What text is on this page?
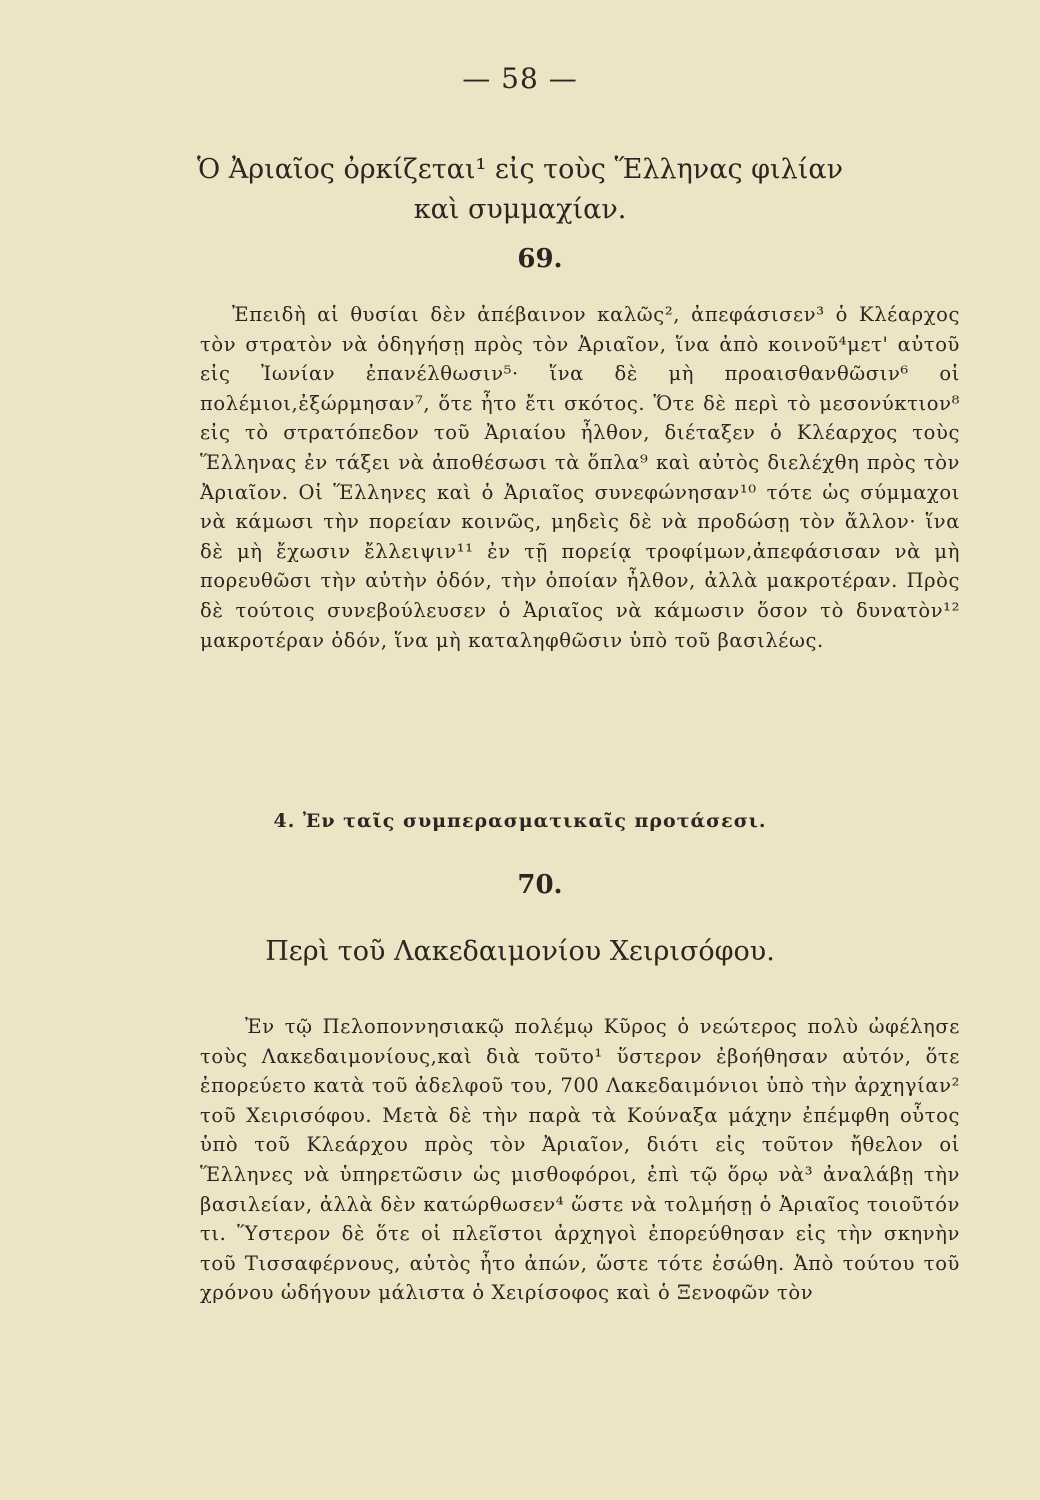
— 58 —
Ὁ Ἀριαῖος ὀρκίζεται¹ εἰς τοὺς Ἕλληνας φιλίαν
καὶ συμμαχίαν.
69.
Ἐπειδὴ αἱ θυσίαι δὲν ἀπέβαινον καλῶς², ἀπεφάσισεν³ ὁ Κλέαρχος τὸν στρατὸν νὰ ὁδηγήσῃ πρὸς τὸν Ἀριαῖον, ἵνα ἀπὸ κοινοῦ⁴μετ' αὐτοῦ εἰς Ἰωνίαν ἐπανέλθωσιν⁵· ἵνα δὲ μὴ προαισθανθῶσιν⁶ οἱ πολέμιοι,ἐξώρμησαν⁷, ὅτε ἦτο ἔτι σκότος. Ὅτε δὲ περὶ τὸ μεσονύκτιον⁸ εἰς τὸ στρατόπεδον τοῦ Ἀριαίου ἦλθον, διέταξεν ὁ Κλέαρχος τοὺς Ἕλληνας ἐν τάξει νὰ ἀποθέσωσι τὰ ὅπλα⁹ καὶ αὐτὸς διελέχθη πρὸς τὸν Ἀριαῖον. Οἱ Ἕλληνες καὶ ὁ Ἀριαῖος συνεφώνησαν¹⁰ τότε ὡς σύμμαχοι νὰ κάμωσι τὴν πορείαν κοινῶς, μηδεὶς δὲ νὰ προδώσῃ τὸν ἄλλον· ἵνα δὲ μὴ ἔχωσιν ἔλλειψιν¹¹ ἐν τῇ πορείᾳ τροφίμων,ἀπεφάσισαν νὰ μὴ πορευθῶσι τὴν αὐτὴν ὁδόν, τὴν ὁποίαν ἦλθον, ἀλλὰ μακροτέραν. Πρὸς δὲ τούτοις συνεβούλευσεν ὁ Ἀριαῖος νὰ κάμωσιν ὅσον τὸ δυνατὸν¹² μακροτέραν ὁδόν, ἵνα μὴ καταληφθῶσιν ὑπὸ τοῦ βασιλέως.
4. Ἐν ταῖς συμπερασματικαῖς προτάσεσι.
70.
Περὶ τοῦ Λακεδαιμονίου Χειρισόφου.
Ἐν τῷ Πελοποννησιακῷ πολέμῳ Κῦρος ὁ νεώτερος πολὺ ὠφέλησε τοὺς Λακεδαιμονίους,καὶ διὰ τοῦτο¹ ὕστερον ἐβοήθησαν αὐτόν, ὅτε ἐπορεύετο κατὰ τοῦ ἀδελφοῦ του, 700 Λακεδαιμόνιοι ὑπὸ τὴν ἀρχηγίαν² τοῦ Χειρισόφου. Μετὰ δὲ τὴν παρὰ τὰ Κούναξα μάχην ἐπέμφθη οὗτος ὑπὸ τοῦ Κλεάρχου πρὸς τὸν Ἀριαῖον, διότι εἰς τοῦτον ἤθελον οἱ Ἕλληνες νὰ ὑπηρετῶσιν ὡς μισθοφόροι, ἐπὶ τῷ ὅρῳ νὰ³ ἀναλάβῃ τὴν βασιλείαν, ἀλλὰ δὲν κατώρθωσεν⁴ ὥστε νὰ τολμήσῃ ὁ Ἀριαῖος τοιοῦτόν τι. Ὕστερον δὲ ὅτε οἱ πλεῖστοι ἀρχηγοὶ ἐπορεύθησαν εἰς τὴν σκηνὴν τοῦ Τισσαφέρνους, αὐτὸς ἦτο ἀπών, ὥστε τότε ἐσώθη. Ἀπὸ τούτου τοῦ χρόνου ὡδήγουν μάλιστα ὁ Χειρίσοφος καὶ ὁ Ξενοφῶν τὸν
